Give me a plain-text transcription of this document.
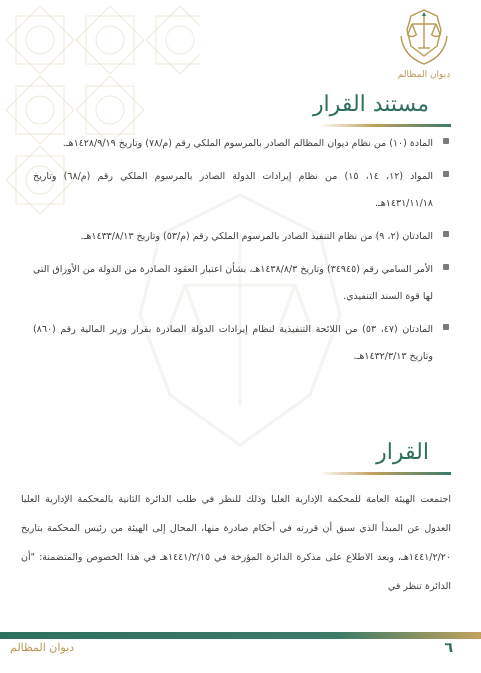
ديوان المظالم
مستند القرار

المادة (١٠) من نظام ديوان المظالم الصادر بالمرسوم الملكي رقم (م/٧٨) وتاريخ ١٤٢٨/٩/١٩هـ.

المواد (١٢، ١٤، ١٥) من نظام إيرادات الدولة الصادر بالمرسوم الملكي رقم (م/٦٨) وتاريخ ١٤٣١/١١/١٨هـ.

المادتان (٢، ٩) من نظام التنفيذ الصادر بالمرسوم الملكي رقم (م/٥٣) وتاريخ ١٤٣٣/٨/١٣هـ.

الأمر السامي رقم (٣٤٩٤٥) وتاريخ ١٤٣٨/٨/٣هـ، بشأن اعتبار العقود الصادرة من الدولة من الأوراق التي لها قوة السند التنفيذي.

المادتان (٤٧، ٥٣) من اللائحة التنفيذية لنظام إيرادات الدولة الصادرة بقرار وزير المالية رقم (٨٦٠) وتاريخ ١٤٣٢/٣/١٣هـ.

القرار

اجتمعت الهيئة العامة للمحكمة الإدارية العليا وذلك للنظر في طلب الدائرة الثانية بالمحكمة الإدارية العليا العدول عن المبدأ الذي سبق أن قررته في أحكام صادرة منها، المحال إلى الهيئة من رئيس المحكمة بتاريخ ١٤٤١/٢/٢٠هـ، وبعد الاطلاع على مذكرة الدائرة المؤرخة في ١٤٤١/٢/١٥هـ في هذا الخصوص والمتضمنة: "أن الدائرة تنظر في

ديوان المظالم	٦
